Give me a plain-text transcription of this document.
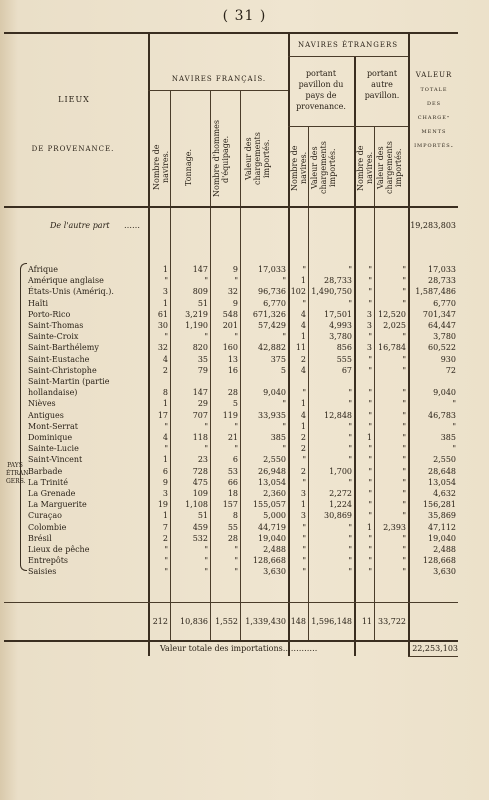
( 31 )
LIEUX
DE PROVENANCE.
NAVIRES FRANÇAIS.
NAVIRES ÉTRANGERS
portant pavillon du pays de provenance.
portant autre pavillon.
VALEUR totale des charge-ments importés.
Nombre de navires. Tonnage.	Nombre d'hommes d'équipage.	Valeur des chargements importés.	Nombre de navires. Valeur des chargements importés.	Nombre de navires. Valeur des chargements importés.
De l'autre part ……	19,283,803
PAYS ÉTRAN-GERS.
Afrique	1	147	9	17,033	"	"	"	"	17,033
Amérique anglaise	"	"	"	"	1	28,733	"	"	28,733
États-Unis (Amériq.).	3	809	32	96,736 102 1,490,750	"	"	1,587,486
Haïti	1	51	9	6,770	"	"	"	"	6,770
Porto-Rico	61	3,219	548	671,326	4	17,501	3 12,520	701,347
Saint-Thomas	30	1,190	201	57,429	4	4,993	3	2,025	64,447
Sainte-Croix	"	"	"	"	1	3,780	"	"	3,780
Saint-Barthélemy	32	820	160	42,882	11	856	3 16,784	60,522
Saint-Eustache	4	35	13	375	2	555	"	"	930
Saint-Christophe	2	79	16	5	4	67	"	"	72
Saint-Martin (partie
hollandaise)	8	147	28	9,040	"	"	"	"	9,040
Nièves	1	29	5	"	1	"	"	"	"
Antigues	17	707	119	33,935	4	12,848	"	"	46,783
Mont-Serrat	"	"	"	"	1	"	"	"	"
Dominique	4	118	21	385	2	"	1	"	385
Sainte-Lucie	"	"	"	"	2	"	"	"	"
Saint-Vincent	1	23	6	2,550	"	"	"	"	2,550
Barbade	6	728	53	26,948	2	1,700	"	"	28,648
La Trinité	9	475	66	13,054	"	"	"	"	13,054
La Grenade	3	109	18	2,360	3	2,272	"	"	4,632
La Marguerite	19	1,108	157	155,057	1	1,224	"	"	156,281
Curaçao	1	51	8	5,000	3	30,869	"	"	35,869
Colombie	7	459	55	44,719	"	"	1	2,393	47,112
Brésil	2	532	28	19,040	"	"	"	"	19,040
Lieux de pêche	"	"	"	2,488	"	"	"	"	2,488
Entrepôts	"	"	"	128,668	"	"	"	"	128,668
Saisies	"	"	"	3,630	"	"	"	"	3,630
212	10,836 1,552 1,339,430 148 1,596,148	11 33,722
Valeur totale des importations………….	22,253,103
